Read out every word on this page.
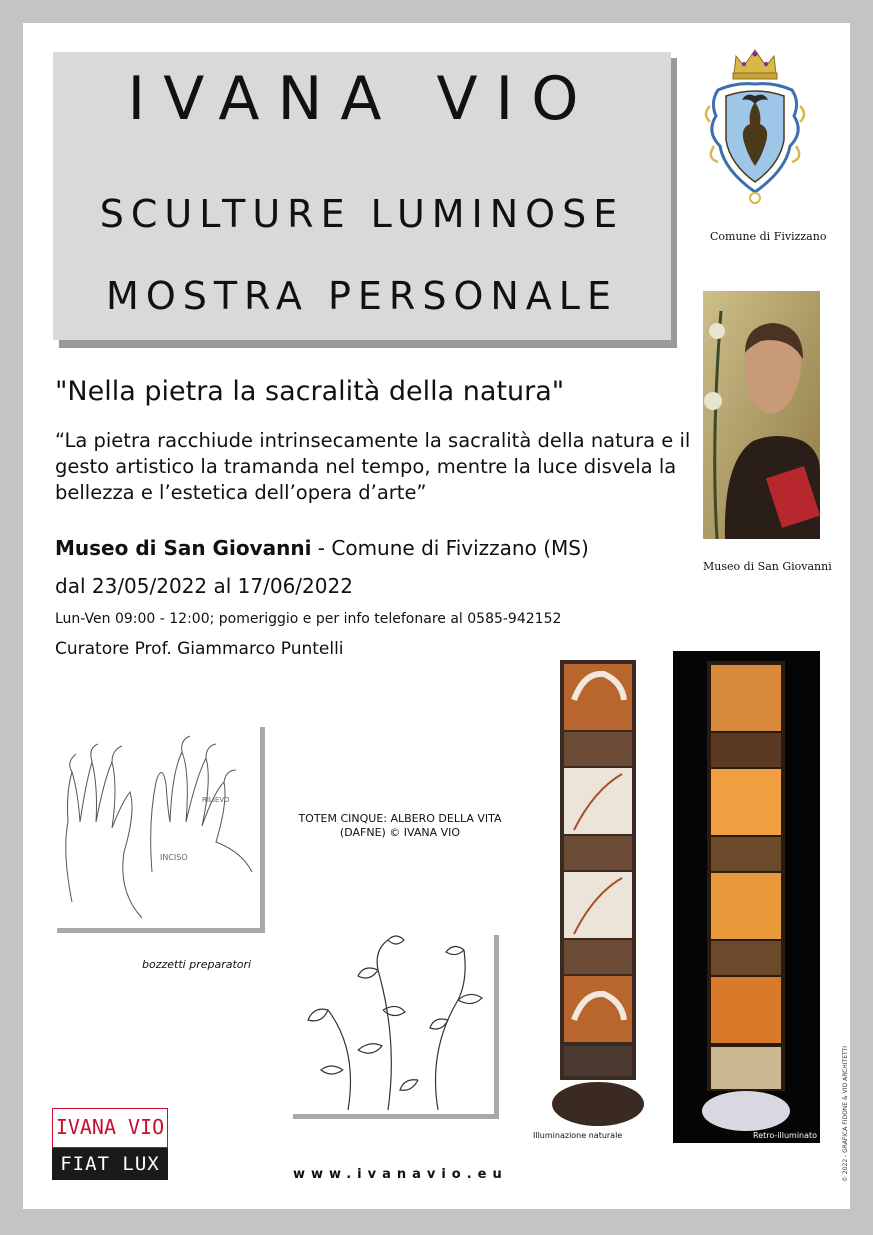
IVANA VIO
SCULTURE LUMINOSE
MOSTRA PERSONALE
Comune di Fivizzano
Museo di San Giovanni
"Nella pietra la sacralità della natura"
“La pietra racchiude intrinsecamente la sacralità della natura e il gesto artistico la tramanda nel tempo, mentre la luce disvela la bellezza e l’estetica dell’opera d’arte”
Museo di San Giovanni - Comune di Fivizzano (MS)
dal 23/05/2022 al 17/06/2022
Lun-Ven 09:00 - 12:00; pomeriggio e per info telefonare al 0585-942152
Curatore Prof. Giammarco Puntelli
RILIEVO
INCISO
bozzetti preparatori
TOTEM CINQUE: ALBERO DELLA VITA
(DAFNE) © IVANA VIO
Illuminazione naturale	Retro-illuminato
IVANA VIO
FIAT LUX	www.ivanavio.eu	© 2022 - GRAFICA FIDONE & VIO ARCHITETTI
